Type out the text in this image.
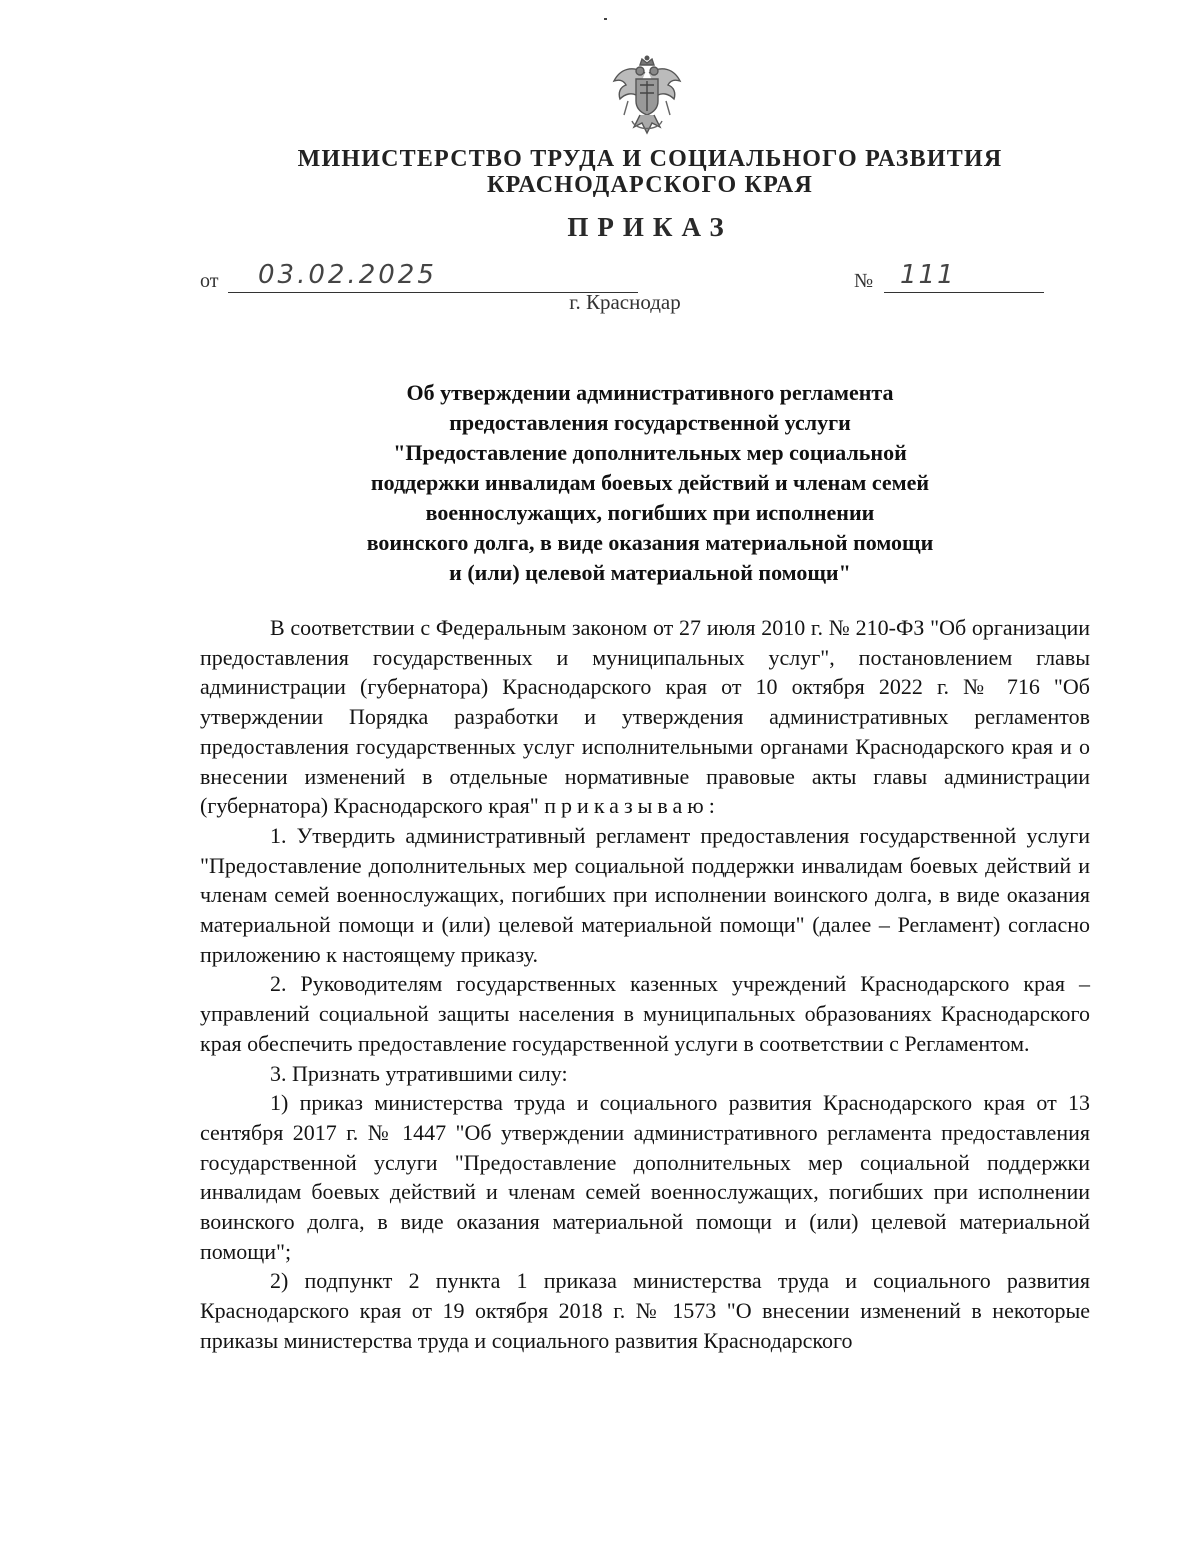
МИНИСТЕРСТВО ТРУДА И СОЦИАЛЬНОГО РАЗВИТИЯ
КРАСНОДАРСКОГО КРАЯ
ПРИКАЗ
от 03.02.2025	№ 111
г. Краснодар
Об утверждении административного регламента
предоставления государственной услуги
"Предоставление дополнительных мер социальной
поддержки инвалидам боевых действий и членам семей
военнослужащих, погибших при исполнении
воинского долга, в виде оказания материальной помощи
и (или) целевой материальной помощи"

В соответствии с Федеральным законом от 27 июля 2010 г. № 210-ФЗ "Об организации предоставления государственных и муниципальных услуг", постановлением главы администрации (губернатора) Краснодарского края от 10 октября 2022 г. № 716 "Об утверждении Порядка разработки и утверждения административных регламентов предоставления государственных услуг исполнительными органами Краснодарского края и о внесении изменений в отдельные нормативные правовые акты главы администрации (губернатора) Краснодарского края" приказываю:

1. Утвердить административный регламент предоставления государственной услуги "Предоставление дополнительных мер социальной поддержки инвалидам боевых действий и членам семей военнослужащих, погибших при исполнении воинского долга, в виде оказания материальной помощи и (или) целевой материальной помощи" (далее – Регламент) согласно приложению к настоящему приказу.

2. Руководителям государственных казенных учреждений Краснодарского края – управлений социальной защиты населения в муниципальных образованиях Краснодарского края обеспечить предоставление государственной услуги в соответствии с Регламентом.

3. Признать утратившими силу:

1) приказ министерства труда и социального развития Краснодарского края от 13 сентября 2017 г. № 1447 "Об утверждении административного регламента предоставления государственной услуги "Предоставление дополнительных мер социальной поддержки инвалидам боевых действий и членам семей военнослужащих, погибших при исполнении воинского долга, в виде оказания материальной помощи и (или) целевой материальной помощи";

2) подпункт 2 пункта 1 приказа министерства труда и социального развития Краснодарского края от 19 октября 2018 г. № 1573 "О внесении изменений в некоторые приказы министерства труда и социального развития Краснодарского
